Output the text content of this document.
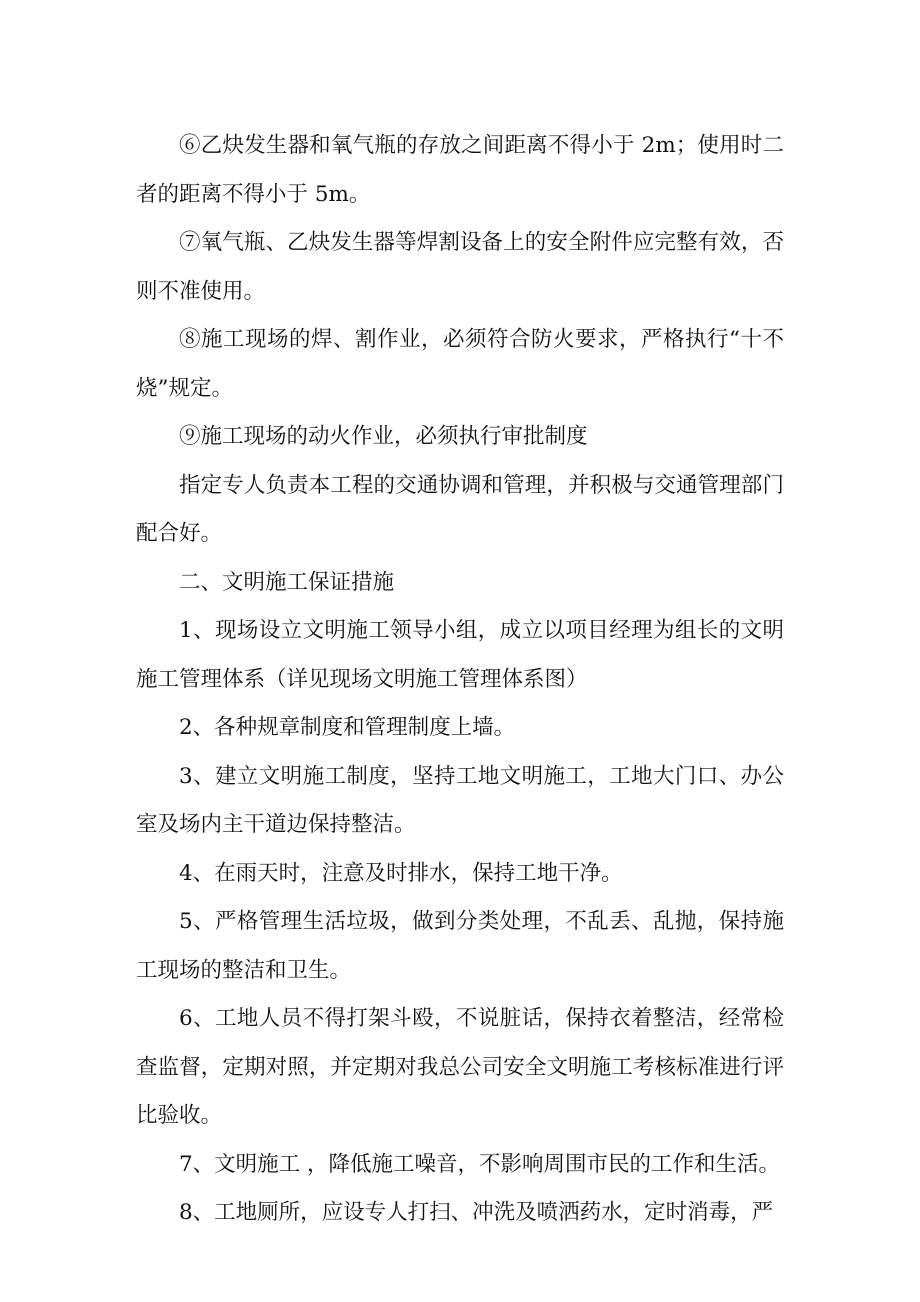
⑥乙炔发生器和氧气瓶的存放之间距离不得小于 2m；使用时二者的距离不得小于 5m。

⑦氧气瓶、乙炔发生器等焊割设备上的安全附件应完整有效，否则不准使用。

⑧施工现场的焊、割作业，必须符合防火要求，严格执行“十不烧”规定。

⑨施工现场的动火作业，必须执行审批制度

指定专人负责本工程的交通协调和管理，并积极与交通管理部门配合好。

二、文明施工保证措施

1、现场设立文明施工领导小组，成立以项目经理为组长的文明施工管理体系（详见现场文明施工管理体系图）

2、各种规章制度和管理制度上墙。

3、建立文明施工制度，坚持工地文明施工，工地大门口、办公室及场内主干道边保持整洁。

4、在雨天时，注意及时排水，保持工地干净。

5、严格管理生活垃圾，做到分类处理，不乱丢、乱抛，保持施工现场的整洁和卫生。

6、工地人员不得打架斗殴，不说脏话，保持衣着整洁，经常检查监督，定期对照，并定期对我总公司安全文明施工考核标准进行评比验收。

7、文明施工 ，降低施工噪音，不影响周围市民的工作和生活。

8、工地厕所，应设专人打扫、冲洗及喷洒药水，定时消毒，严
